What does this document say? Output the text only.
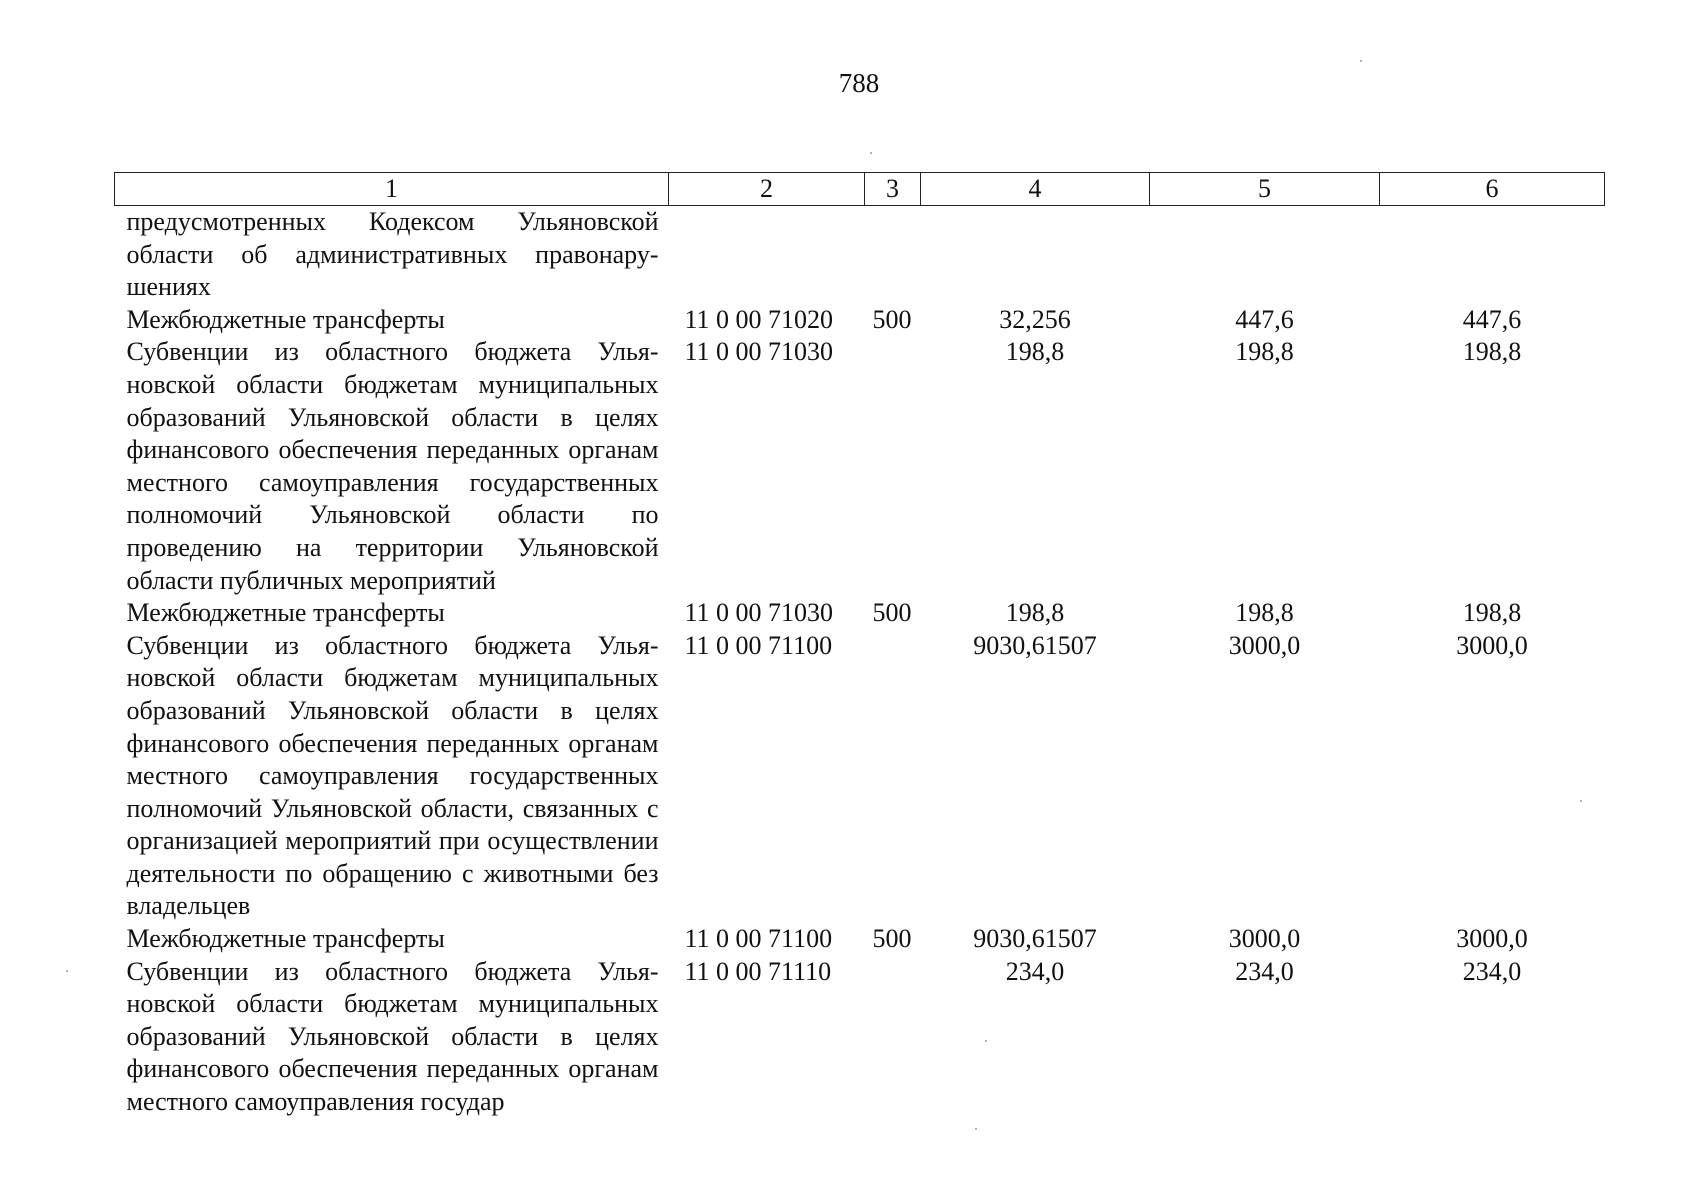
788
1	2	3	4	5	6
предусмотренных Кодексом Ульяновской области об административных правонарушениях					
Межбюджетные трансферты	11 0 00 71020	500	32,256	447,6	447,6
Субвенции из областного бюджета Ульяновской области бюджетам муниципальных образований Ульяновской области в целях финансового обеспечения переданных органам местного самоуправления государственных полномочий Ульяновской области по проведению на территории Ульяновской области публичных мероприятий	11 0 00 71030		198,8	198,8	198,8
Межбюджетные трансферты	11 0 00 71030	500	198,8	198,8	198,8
Субвенции из областного бюджета Ульяновской области бюджетам муниципальных образований Ульяновской области в целях финансового обеспечения переданных органам местного самоуправления государственных полномочий Ульяновской области, связанных с организацией мероприятий при осуществлении деятельности по обращению с животными без владельцев	11 0 00 71100		9030,61507	3000,0	3000,0
Межбюджетные трансферты	11 0 00 71100	500	9030,61507	3000,0	3000,0
Субвенции из областного бюджета Ульяновской области бюджетам муниципальных образований Ульяновской области в целях финансового обеспечения переданных органам местного самоуправления государ	11 0 00 71110		234,0	234,0	234,0
